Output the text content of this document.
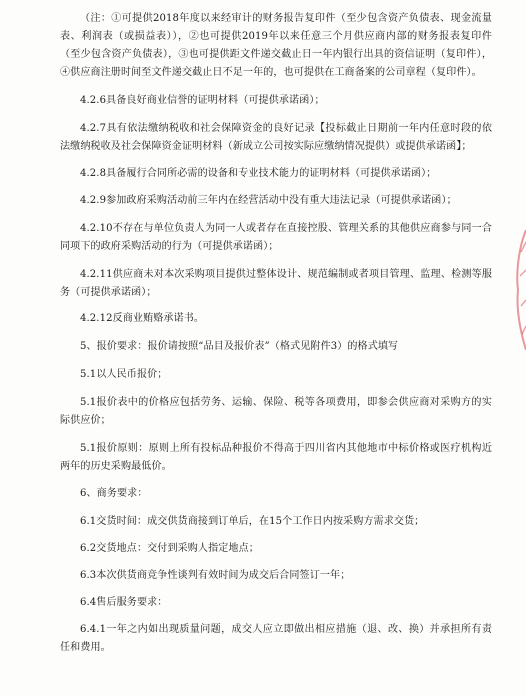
（注：①可提供2018年度以来经审计的财务报告复印件（至少包含资产负债表、现金流量表、利润表（或损益表）），②也可提供2019年以来任意三个月供应商内部的财务报表复印件（至少包含资产负债表），③也可提供距文件递交截止日一年内银行出具的资信证明（复印件），④供应商注册时间至文件递交截止日不足一年的，也可提供在工商备案的公司章程（复印件）。

4.2.6具备良好商业信誉的证明材料（可提供承诺函）；

4.2.7具有依法缴纳税收和社会保障资金的良好记录【投标截止日期前一年内任意时段的依法缴纳税收及社会保障资金证明材料（新成立公司按实际应缴纳情况提供）或提供承诺函】；

4.2.8具备履行合同所必需的设备和专业技术能力的证明材料（可提供承诺函）；

4.2.9参加政府采购活动前三年内在经营活动中没有重大违法记录（可提供承诺函）；

4.2.10不存在与单位负责人为同一人或者存在直接控股、管理关系的其他供应商参与同一合同项下的政府采购活动的行为（可提供承诺函）；

4.2.11供应商未对本次采购项目提供过整体设计、规范编制或者项目管理、监理、检测等服务（可提供承诺函）；

4.2.12反商业贿赂承诺书。

5、报价要求：报价请按照“品目及报价表”（格式见附件3）的格式填写

5.1以人民币报价；

5.1报价表中的价格应包括劳务、运输、保险、税等各项费用，即参会供应商对采购方的实际供应价；

5.1报价原则：原则上所有投标品种报价不得高于四川省内其他地市中标价格或医疗机构近两年的历史采购最低价。

6、商务要求：

6.1交货时间：成交供货商接到订单后，在15个工作日内按采购方需求交货；

6.2交货地点：交付到采购人指定地点；

6.3本次供货商竞争性谈判有效时间为成交后合同签订一年；

6.4售后服务要求：

6.4.1一年之内如出现质量问题，成交人应立即做出相应措施（退、改、换）并承担所有责任和费用。
